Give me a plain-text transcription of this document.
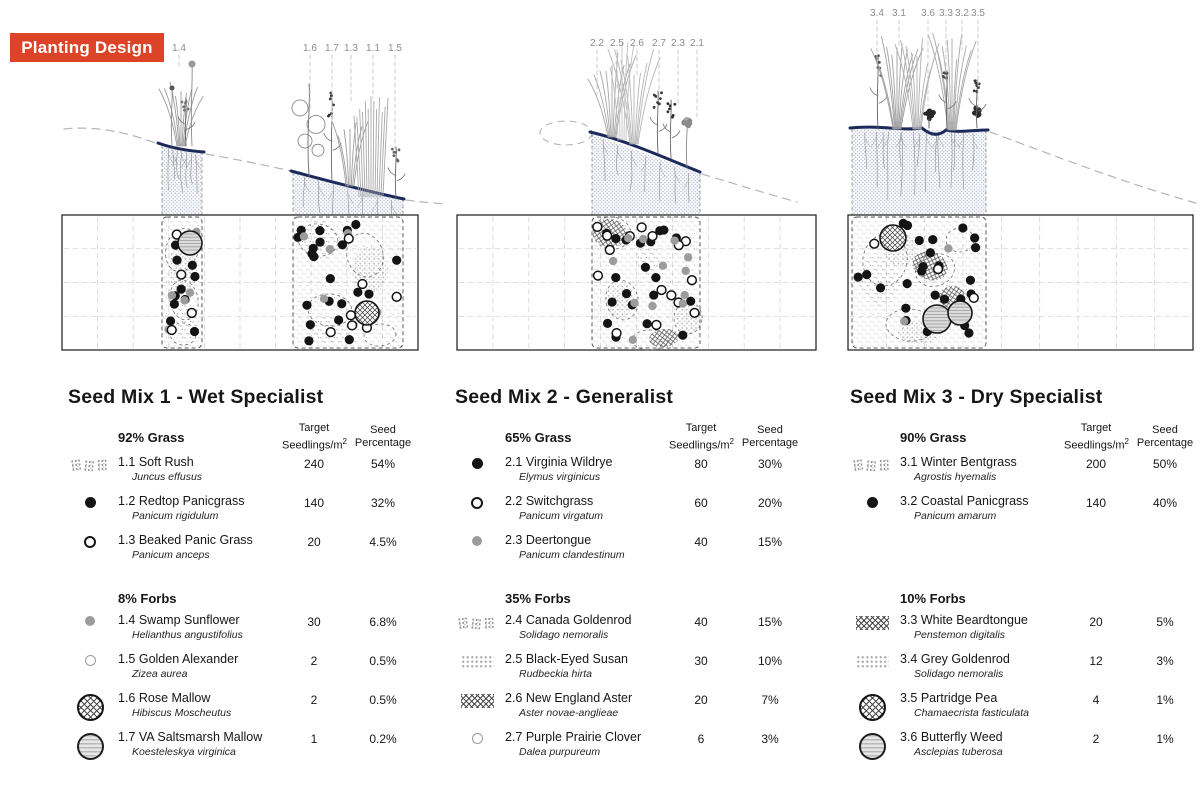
1.4	1.6 1.7 1.3 1.1 1.5	2.2 2.5 2.6 2.7 2.3 2.1
3.4 3.1 3.6 3.3 3.2 3.5
Planting Design
Seed Mix 1 - Wet Specialist
92% Grass
Target
Seedlings/$m^2$
Seed
Percentage
1.1 Soft Rush
Juncus effusus
240	54%
1.2 Redtop Panicgrass
Panicum rigidulum
140	32%
1.3 Beaked Panic Grass
Panicum anceps
20	4.5%
8% Forbs
1.4 Swamp Sunflower
Helianthus angustifolius
30	6.8%
1.5 Golden Alexander
Zizea aurea
2	0.5%
1.6 Rose Mallow
Hibiscus Moscheutus
2	0.5%
1.7 VA Saltsmarsh Mallow
Koesteleskya virginica
1	0.2%
Seed Mix 2 - Generalist
65% Grass
Target
Seedlings/$m^2$
Seed
Percentage
2.1 Virginia Wildrye
Elymus virginicus
80	30%
2.2 Switchgrass
Panicum virgatum
60	20%
2.3 Deertongue
Panicum clandestinum
40	15%
35% Forbs
2.4 Canada Goldenrod
Solidago nemoralis
40	15%
2.5 Black-Eyed Susan
Rudbeckia hirta
30	10%
2.6 New England Aster
Aster novae-anglieae
20	7%
2.7 Purple Prairie Clover
Dalea purpureum
6	3%
Seed Mix 3 - Dry Specialist
90% Grass
Target
Seedlings/$m^2$
Seed
Percentage
3.1 Winter Bentgrass
Agrostis hyemalis
200	50%
3.2 Coastal Panicgrass
Panicum amarum
140	40%
10% Forbs
3.3 White Beardtongue
Penstemon digitalis
20	5%
3.4 Grey Goldenrod
Solidago nemoralis
12	3%
3.5 Partridge Pea
Chamaecrista fasticulata
4	1%
3.6 Butterfly Weed
Asclepias tuberosa
2	1%
